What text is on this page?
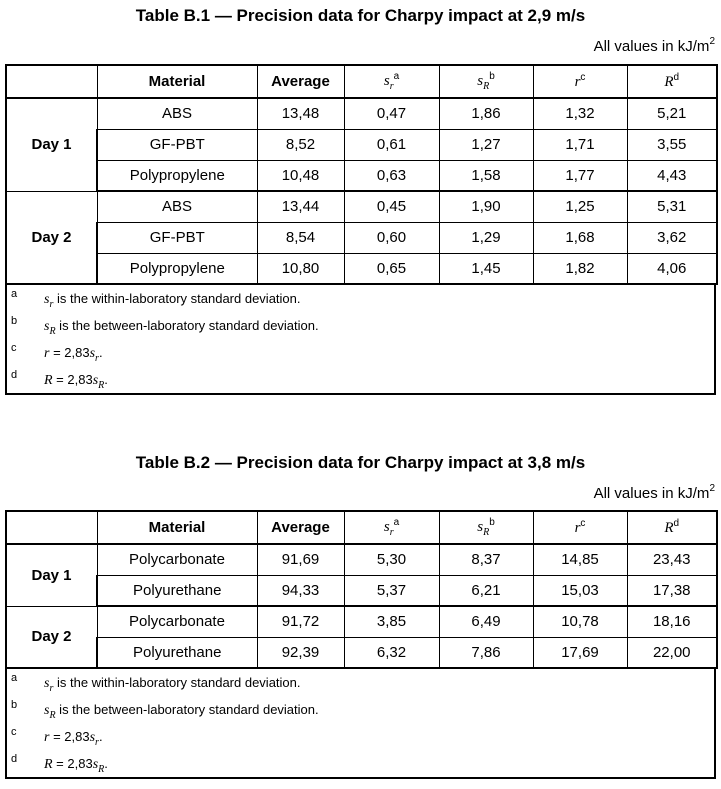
Table B.1 — Precision data for Charpy impact at 2,9 m/s
All values in $kJ/m^2$
	Material	Average	$s_r^a$	$s_R^b$	$r^c$	$R^d$
Day 1	ABS	13,48	0,47	1,86	1,32	5,21
	GF-PBT	8,52	0,61	1,27	1,71	3,55
	Polypropylene	10,48	0,63	1,58	1,77	4,43
Day 2	ABS	13,44	0,45	1,90	1,25	5,31
	GF-PBT	8,54	0,60	1,29	1,68	3,62
	Polypropylene	10,80	0,65	1,45	1,82	4,06
a $s_r$ is the within-laboratory standard deviation.
b $s_R$ is the between-laboratory standard deviation.
c $r = 2,83s_r$.
d $R = 2,83s_R$.
Table B.2 — Precision data for Charpy impact at 3,8 m/s
All values in $kJ/m^2$
	Material	Average	$s_r^a$	$s_R^b$	$r^c$	$R^d$
Day 1	Polycarbonate	91,69	5,30	8,37	14,85	23,43
	Polyurethane	94,33	5,37	6,21	15,03	17,38
Day 2	Polycarbonate	91,72	3,85	6,49	10,78	18,16
	Polyurethane	92,39	6,32	7,86	17,69	22,00
a $s_r$ is the within-laboratory standard deviation.
b $s_R$ is the between-laboratory standard deviation.
c $r = 2,83s_r$.
d $R = 2,83s_R$.
